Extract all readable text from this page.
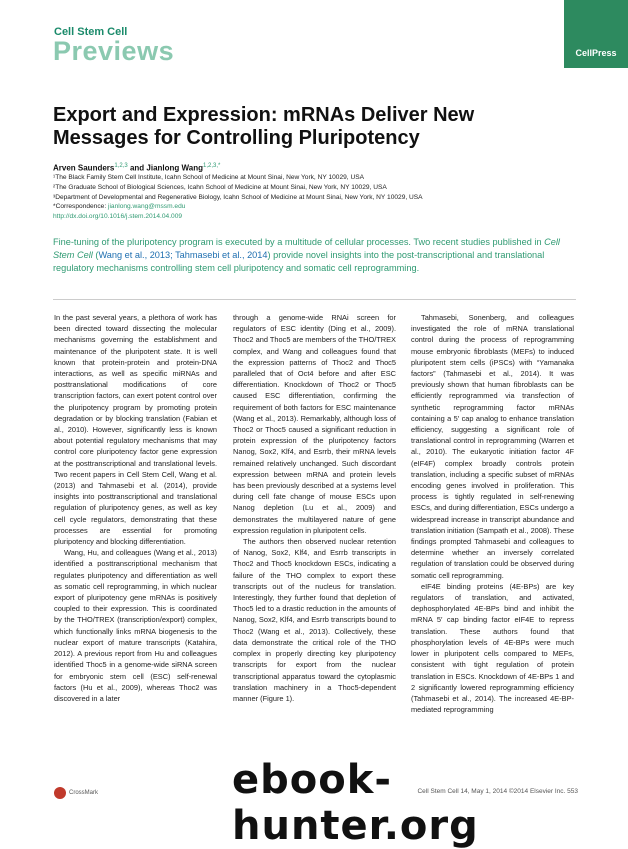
Cell Stem Cell
Previews	CellPress
Export and Expression: mRNAs Deliver New Messages for Controlling Pluripotency
Arven Saunders$^{1,2,3}$ and Jianlong Wang$^{1,2,3,*}$
¹The Black Family Stem Cell Institute, Icahn School of Medicine at Mount Sinai, New York, NY 10029, USA
²The Graduate School of Biological Sciences, Icahn School of Medicine at Mount Sinai, New York, NY 10029, USA
³Department of Developmental and Regenerative Biology, Icahn School of Medicine at Mount Sinai, New York, NY 10029, USA
*Correspondence: jianlong.wang@mssm.edu
http://dx.doi.org/10.1016/j.stem.2014.04.009
Fine-tuning of the pluripotency program is executed by a multitude of cellular processes. Two recent studies published in Cell Stem Cell (Wang et al., 2013; Tahmasebi et al., 2014) provide novel insights into the post-transcriptional and translational regulatory mechanisms controlling stem cell pluripotency and somatic cell reprogramming.

In the past several years, a plethora of work has been directed toward dissecting the molecular mechanisms governing the establishment and maintenance of the pluripotent state. It is well known that protein-protein and protein-DNA interactions, as well as specific miRNAs and posttranslational modifications of core transcription factors, can exert potent control over the pluripotency program by promoting protein degradation or by blocking translation (Fabian et al., 2010). However, significantly less is known about potential regulatory mechanisms that may control core pluripotency factor gene expression at the posttranscriptional and translational levels. Two recent papers in Cell Stem Cell, Wang et al. (2013) and Tahmasebi et al. (2014), provide insights into posttranscriptional and translational regulation of pluripotency genes, as well as key cell cycle regulators, demonstrating that these processes are essential for promoting pluripotency and blocking differentiation.

Wang, Hu, and colleagues (Wang et al., 2013) identified a posttranscriptional mechanism that regulates pluripotency and differentiation as well as somatic cell reprogramming, in which nuclear export of pluripotency gene mRNAs is positively coupled to their expression. This is coordinated by the THO/TREX (transcription/export) complex, which functionally links mRNA biogenesis to the nuclear export of mature transcripts (Katahira, 2012). A previous report from Hu and colleagues identified Thoc5 in a genome-wide siRNA screen for embryonic stem cell (ESC) self-renewal factors (Hu et al., 2009), whereas Thoc2 was discovered in a later

through a genome-wide RNAi screen for regulators of ESC identity (Ding et al., 2009). Thoc2 and Thoc5 are members of the THO/TREX complex, and Wang and colleagues found that the expression patterns of Thoc2 and Thoc5 paralleled that of Oct4 before and after ESC differentiation. Knockdown of Thoc2 or Thoc5 caused ESC differentiation, confirming the requirement of both factors for ESC maintenance (Wang et al., 2013). Remarkably, although loss of Thoc2 or Thoc5 caused a significant reduction in protein expression of the pluripotency factors Nanog, Sox2, Klf4, and Esrrb, their mRNA levels remained relatively unchanged. Such discordant expression between mRNA and protein levels has been previously described at a systems level during cell fate change of mouse ESCs upon Nanog depletion (Lu et al., 2009) and demonstrates the multilayered nature of gene expression regulation in pluripotent cells.

The authors then observed nuclear retention of Nanog, Sox2, Klf4, and Esrrb transcripts in Thoc2 and Thoc5 knockdown ESCs, indicating a failure of the THO complex to export these transcripts out of the nucleus for translation. Interestingly, they further found that depletion of Thoc5 led to a drastic reduction in the amounts of Nanog, Sox2, Klf4, and Esrrb transcripts bound to Thoc2 (Wang et al., 2013). Collectively, these data demonstrate the critical role of the THO complex in properly directing key pluripotency transcripts for export from the nuclear transcriptional apparatus toward the cytoplasmic translation machinery in a Thoc5-dependent manner (Figure 1).

Tahmasebi, Sonenberg, and colleagues investigated the role of mRNA translational control during the process of reprogramming mouse embryonic fibroblasts (MEFs) to induced pluripotent stem cells (iPSCs) with “Yamanaka factors” (Tahmasebi et al., 2014). It was previously shown that human fibroblasts can be efficiently reprogrammed via transfection of synthetic reprogramming factor mRNAs containing a 5′ cap analog to enhance translation efficiency, suggesting a significant role of translational control in reprogramming (Warren et al., 2010). The eukaryotic initiation factor 4F (eIF4F) complex broadly controls protein translation, including a specific subset of mRNAs encoding genes involved in proliferation. This process is tightly regulated in self-renewing ESCs, and during differentiation, ESCs undergo a widespread increase in transcript abundance and translation initiation (Sampath et al., 2008). These findings prompted Tahmasebi and colleagues to determine whether an inversely correlated regulation of translation could be observed during somatic cell reprogramming.

eIF4E binding proteins (4E-BPs) are key regulators of translation, and activated, dephosphorylated 4E-BPs bind and inhibit the mRNA 5′ cap binding factor eIF4E to repress translation. These authors found that phosphorylation levels of 4E-BPs were much lower in pluripotent cells compared to MEFs, consistent with tight regulation of protein translation in ESCs. Knockdown of 4E-BPs 1 and 2 significantly lowered reprogramming efficiency (Tahmasebi et al., 2014). The increased 4E-BP-mediated reprogramming

CrossMark	Cell Stem Cell 14, May 1, 2014 ©2014 Elsevier Inc. 553
ebook-hunter.org
